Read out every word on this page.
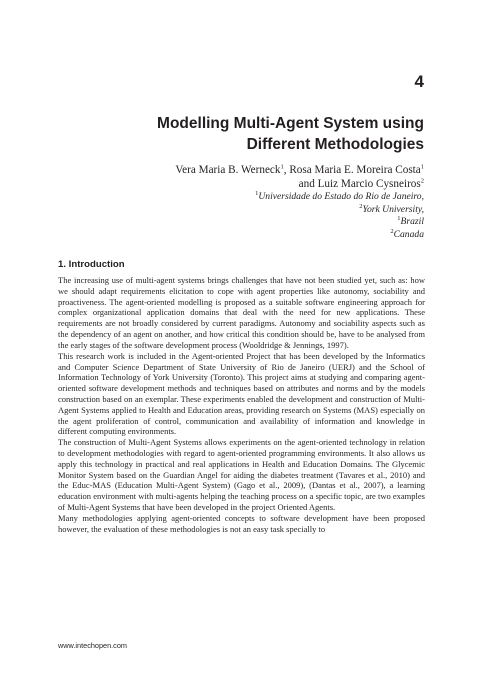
4
Modelling Multi-Agent System using
Different Methodologies
Vera Maria B. Werneck$^1$, Rosa Maria E. Moreira Costa$^1$
and Luiz Marcio Cysneiros$^2$
$^1$Universidade do Estado do Rio de Janeiro,
$^2$York University,
$^1$Brazil
$^2$Canada
1. Introduction

The increasing use of multi-agent systems brings challenges that have not been studied yet, such as: how we should adapt requirements elicitation to cope with agent properties like autonomy, sociability and proactiveness. The agent-oriented modelling is proposed as a suitable software engineering approach for complex organizational application domains that deal with the need for new applications. These requirements are not broadly considered by current paradigms. Autonomy and sociability aspects such as the dependency of an agent on another, and how critical this condition should be, have to be analysed from the early stages of the software development process (Wooldridge & Jennings, 1997).

This research work is included in the Agent-oriented Project that has been developed by the Informatics and Computer Science Department of State University of Rio de Janeiro (UERJ) and the School of Information Technology of York University (Toronto). This project aims at studying and comparing agent-oriented software development methods and techniques based on attributes and norms and by the models construction based on an exemplar. These experiments enabled the development and construction of Multi-Agent Systems applied to Health and Education areas, providing research on Systems (MAS) especially on the agent proliferation of control, communication and availability of information and knowledge in different computing environments.

The construction of Multi-Agent Systems allows experiments on the agent-oriented technology in relation to development methodologies with regard to agent-oriented programming environments. It also allows us apply this technology in practical and real applications in Health and Education Domains. The Glycemic Monitor System based on the Guardian Angel for aiding the diabetes treatment (Tavares et al., 2010) and the Educ-MAS (Education Multi-Agent System) (Gago et al., 2009), (Dantas et al., 2007), a learning education environment with multi-agents helping the teaching process on a specific topic, are two examples of Multi-Agent Systems that have been developed in the project Oriented Agents.

Many methodologies applying agent-oriented concepts to software development have been proposed however, the evaluation of these methodologies is not an easy task specially to

www.intechopen.com
